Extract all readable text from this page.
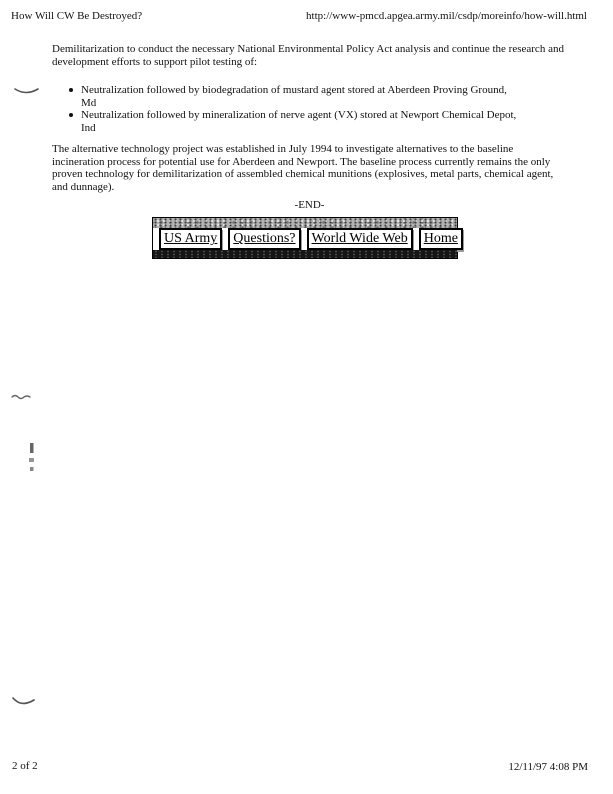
How Will CW Be Destroyed?	http://www-pmcd.apgea.army.mil/csdp/moreinfo/how-will.html

Demilitarization to conduct the necessary National Environmental Policy Act analysis and continue the research and development efforts to support pilot testing of:

Neutralization followed by biodegradation of mustard agent stored at Aberdeen Proving Ground,
Md
Neutralization followed by mineralization of nerve agent (VX) stored at Newport Chemical Depot,
Ind

The alternative technology project was established in July 1994 to investigate alternatives to the baseline incineration process for potential use for Aberdeen and Newport. The baseline process currently remains the only proven technology for demilitarization of assembled chemical munitions (explosives, metal parts, chemical agent, and dunnage).

-END-

US Army	Questions?	World Wide Web	Home
2 of 2	12/11/97 4:08 PM
